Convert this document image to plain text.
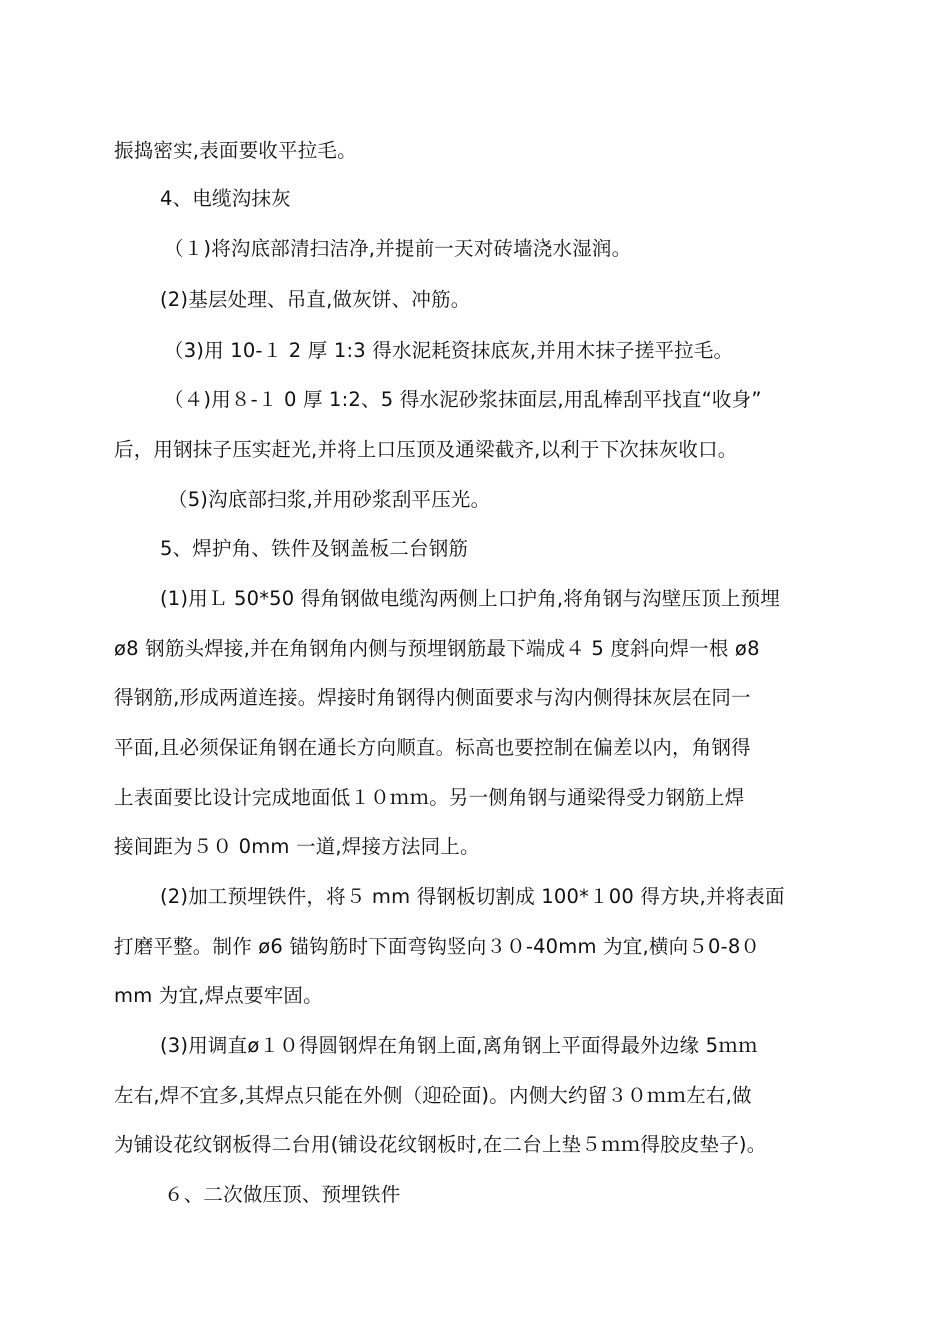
振捣密实,表面要收平拉毛。
4、电缆沟抹灰
（１)将沟底部清扫洁净,并提前一天对砖墙浇水湿润。
(2)基层处理、吊直,做灰饼、冲筋。
（3)用 10-１ 2 厚 1:3 得水泥耗资抹底灰,并用木抹子搓平拉毛。
（４)用８-１ 0 厚 1:2、5 得水泥砂浆抹面层,用乱棒刮平找直“收身”
后，用钢抹子压实赶光,并将上口压顶及通梁截齐,以利于下次抹灰收口。
（5)沟底部扫浆,并用砂浆刮平压光。
5、焊护角、铁件及钢盖板二台钢筋
(1)用Ｌ 50*50 得角钢做电缆沟两侧上口护角,将角钢与沟壁压顶上预埋
ø8 钢筋头焊接,并在角钢角内侧与预埋钢筋最下端成４ 5 度斜向焊一根 ø8
得钢筋,形成两道连接。焊接时角钢得内侧面要求与沟内侧得抹灰层在同一
平面,且必须保证角钢在通长方向顺直。标高也要控制在偏差以内，角钢得
上表面要比设计完成地面低１０ｍｍ。另一侧角钢与通梁得受力钢筋上焊
接间距为５０ 0mm 一道,焊接方法同上。
(2)加工预埋铁件，将５ mm 得钢板切割成 100*１00 得方块,并将表面
打磨平整。制作 ø6 锚钩筋时下面弯钩竖向３０-40mm 为宜,横向５0-8０
mm 为宜,焊点要牢固。
(3)用调直ø１０得圆钢焊在角钢上面,离角钢上平面得最外边缘 5ｍｍ
左右,焊不宜多,其焊点只能在外侧（迎砼面)。内侧大约留３０ｍｍ左右,做
为铺设花纹钢板得二台用(铺设花纹钢板时,在二台上垫５ｍｍ得胶皮垫子)。
６、二次做压顶、预埋铁件
